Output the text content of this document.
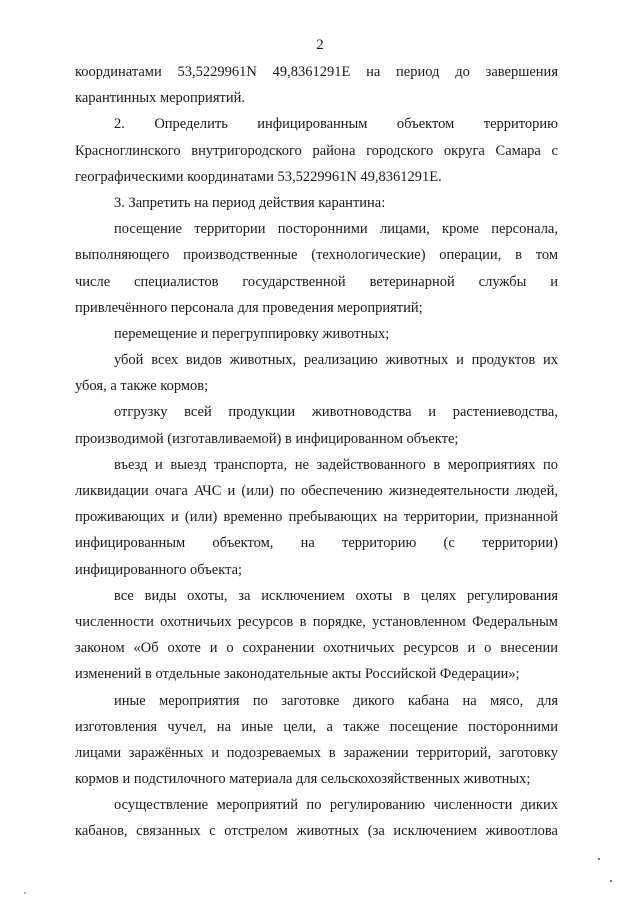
2
координатами 53,5229961N 49,8361291E на период до завершения
карантинных мероприятий.
2. Определить инфицированным объектом территорию
Красноглинского внутригородского района городского округа Самара с
географическими координатами 53,5229961N 49,8361291E.
3. Запретить на период действия карантина:
посещение территории посторонними лицами, кроме персонала,
выполняющего производственные (технологические) операции, в том
числе специалистов государственной ветеринарной службы и
привлечённого персонала для проведения мероприятий;
перемещение и перегруппировку животных;
убой всех видов животных, реализацию животных и продуктов их
убоя, а также кормов;
отгрузку всей продукции животноводства и растениеводства,
производимой (изготавливаемой) в инфицированном объекте;
въезд и выезд транспорта, не задействованного в мероприятиях по
ликвидации очага АЧС и (или) по обеспечению жизнедеятельности людей,
проживающих и (или) временно пребывающих на территории, признанной
инфицированным объектом, на территорию (с территории)
инфицированного объекта;
все виды охоты, за исключением охоты в целях регулирования
численности охотничьих ресурсов в порядке, установленном Федеральным
законом «Об охоте и о сохранении охотничьих ресурсов и о внесении
изменений в отдельные законодательные акты Российской Федерации»;
иные мероприятия по заготовке дикого кабана на мясо, для
изготовления чучел, на иные цели, а также посещение посторонними
лицами заражённых и подозреваемых в заражении территорий, заготовку
кормов и подстилочного материала для сельскохозяйственных животных;
осуществление мероприятий по регулированию численности диких
кабанов, связанных с отстрелом животных (за исключением живоотлова
